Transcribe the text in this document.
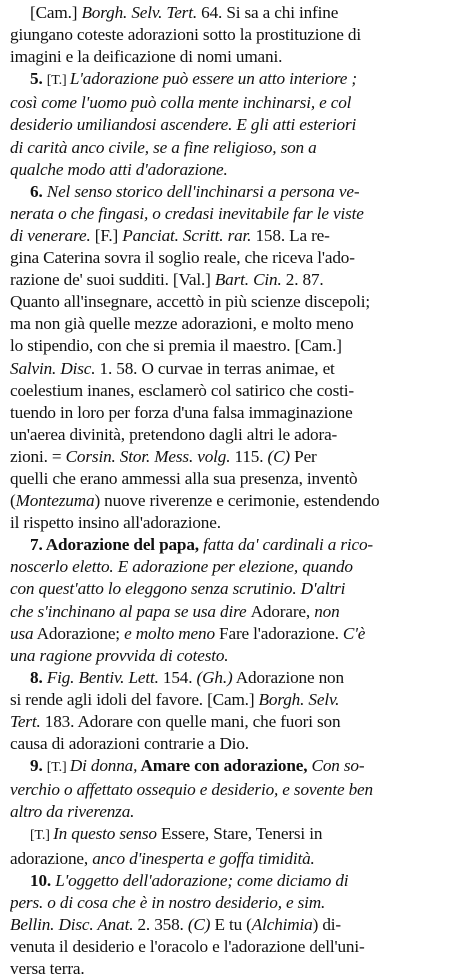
[Cam.] Borgh. Selv. Tert. 64. Si sa a chi infine
giungano coteste adorazioni sotto la prostituzione di
imagini e la deificazione di nomi umani.
5. [T.] L'adorazione può essere un atto interiore ;
così come l'uomo può colla mente inchinarsi, e col
desiderio umiliandosi ascendere. E gli atti esteriori
di carità anco civile, se a fine religioso, son a
qualche modo atti d'adorazione.
6. Nel senso storico dell'inchinarsi a persona ve-
nerata o che fingasi, o credasi inevitabile far le viste
di venerare. [F.] Panciat. Scritt. rar. 158. La re-
gina Caterina sovra il soglio reale, che riceva l'ado-
razione de' suoi sudditi. [Val.] Bart. Cin. 2. 87.
Quanto all'insegnare, accettò in più scienze discepoli;
ma non già quelle mezze adorazioni, e molto meno
lo stipendio, con che si premia il maestro. [Cam.]
Salvin. Disc. 1. 58. O curvae in terras animae, et
coelestium inanes, esclamerò col satirico che costi-
tuendo in loro per forza d'una falsa immaginazione
un'aerea divinità, pretendono dagli altri le adora-
zioni. = Corsin. Stor. Mess. volg. 115. (C) Per
quelli che erano ammessi alla sua presenza, inventò
(Montezuma) nuove riverenze e cerimonie, estendendo
il rispetto insino all'adorazione.
7. Adorazione del papa, fatta da' cardinali a rico-
noscerlo eletto. E adorazione per elezione, quando
con quest'atto lo eleggono senza scrutinio. D'altri
che s'inchinano al papa se usa dire Adorare, non
usa Adorazione; e molto meno Fare l'adorazione. C'è
una ragione provvida di cotesto.
8. Fig. Bentiv. Lett. 154. (Gh.) Adorazione non
si rende agli idoli del favore. [Cam.] Borgh. Selv.
Tert. 183. Adorare con quelle mani, che fuori son
causa di adorazioni contrarie a Dio.
9. [T.] Di donna, Amare con adorazione, Con so-
verchio o affettato ossequio e desiderio, e sovente ben
altro da riverenza.
[T.] In questo senso Essere, Stare, Tenersi in
adorazione, anco d'inesperta e goffa timidità.
10. L'oggetto dell'adorazione; come diciamo di
pers. o di cosa che è in nostro desiderio, e sim.
Bellin. Disc. Anat. 2. 358. (C) E tu (Alchimia) di-
venuta il desiderio e l'oracolo e l'adorazione dell'uni-
versa terra.
